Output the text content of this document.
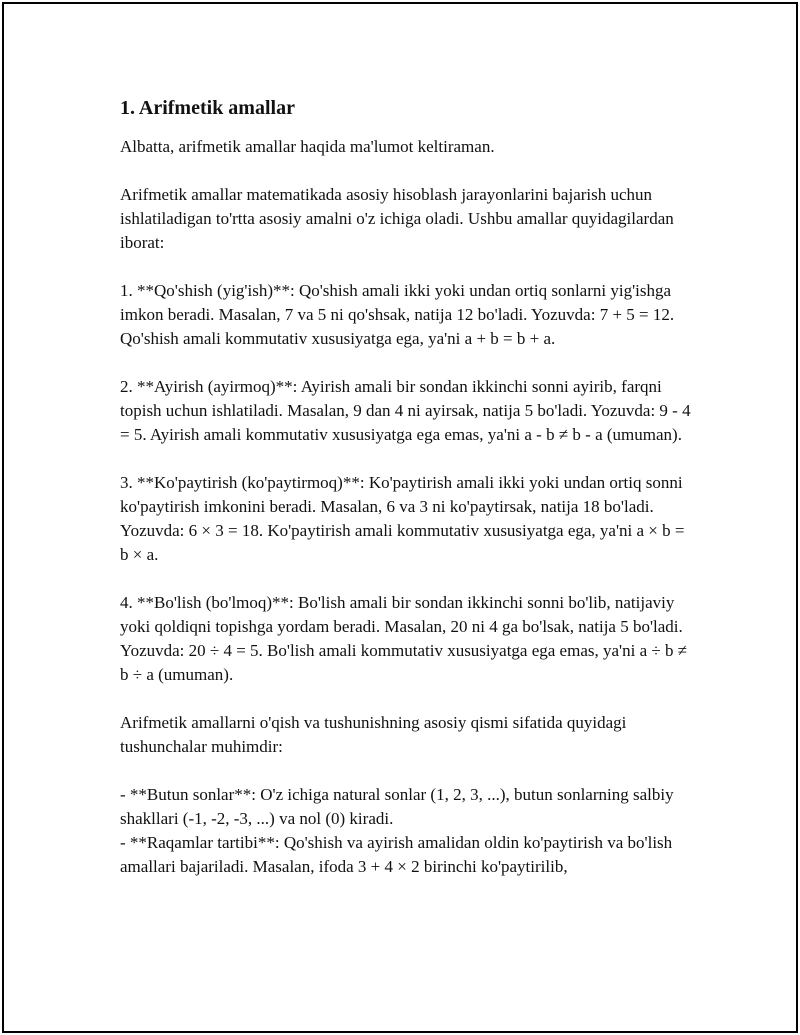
1. Arifmetik amallar

Albatta, arifmetik amallar haqida ma'lumot keltiraman.

Arifmetik amallar matematikada asosiy hisoblash jarayonlarini bajarish uchun ishlatiladigan to'rtta asosiy amalni o'z ichiga oladi. Ushbu amallar quyidagilardan iborat:

1. **Qo'shish (yig'ish)**: Qo'shish amali ikki yoki undan ortiq sonlarni yig'ishga imkon beradi. Masalan, 7 va 5 ni qo'shsak, natija 12 bo'ladi. Yozuvda: 7 + 5 = 12. Qo'shish amali kommutativ xususiyatga ega, ya'ni a + b = b + a.

2. **Ayirish (ayirmoq)**: Ayirish amali bir sondan ikkinchi sonni ayirib, farqni topish uchun ishlatiladi. Masalan, 9 dan 4 ni ayirsak, natija 5 bo'ladi. Yozuvda: 9 - 4 = 5. Ayirish amali kommutativ xususiyatga ega emas, ya'ni a - b ≠ b - a (umuman).

3. **Ko'paytirish (ko'paytirmoq)**: Ko'paytirish amali ikki yoki undan ortiq sonni ko'paytirish imkonini beradi. Masalan, 6 va 3 ni ko'paytirsak, natija 18 bo'ladi. Yozuvda: 6 × 3 = 18. Ko'paytirish amali kommutativ xususiyatga ega, ya'ni a × b = b × a.

4. **Bo'lish (bo'lmoq)**: Bo'lish amali bir sondan ikkinchi sonni bo'lib, natijaviy yoki qoldiqni topishga yordam beradi. Masalan, 20 ni 4 ga bo'lsak, natija 5 bo'ladi. Yozuvda: 20 ÷ 4 = 5. Bo'lish amali kommutativ xususiyatga ega emas, ya'ni a ÷ b ≠ b ÷ a (umuman).

Arifmetik amallarni o'qish va tushunishning asosiy qismi sifatida quyidagi tushunchalar muhimdir:

- **Butun sonlar**: O'z ichiga natural sonlar (1, 2, 3, ...), butun sonlarning salbiy shakllari (-1, -2, -3, ...) va nol (0) kiradi.

- **Raqamlar tartibi**: Qo'shish va ayirish amalidan oldin ko'paytirish va bo'lish amallari bajariladi. Masalan, ifoda 3 + 4 × 2 birinchi ko'paytirilib,
